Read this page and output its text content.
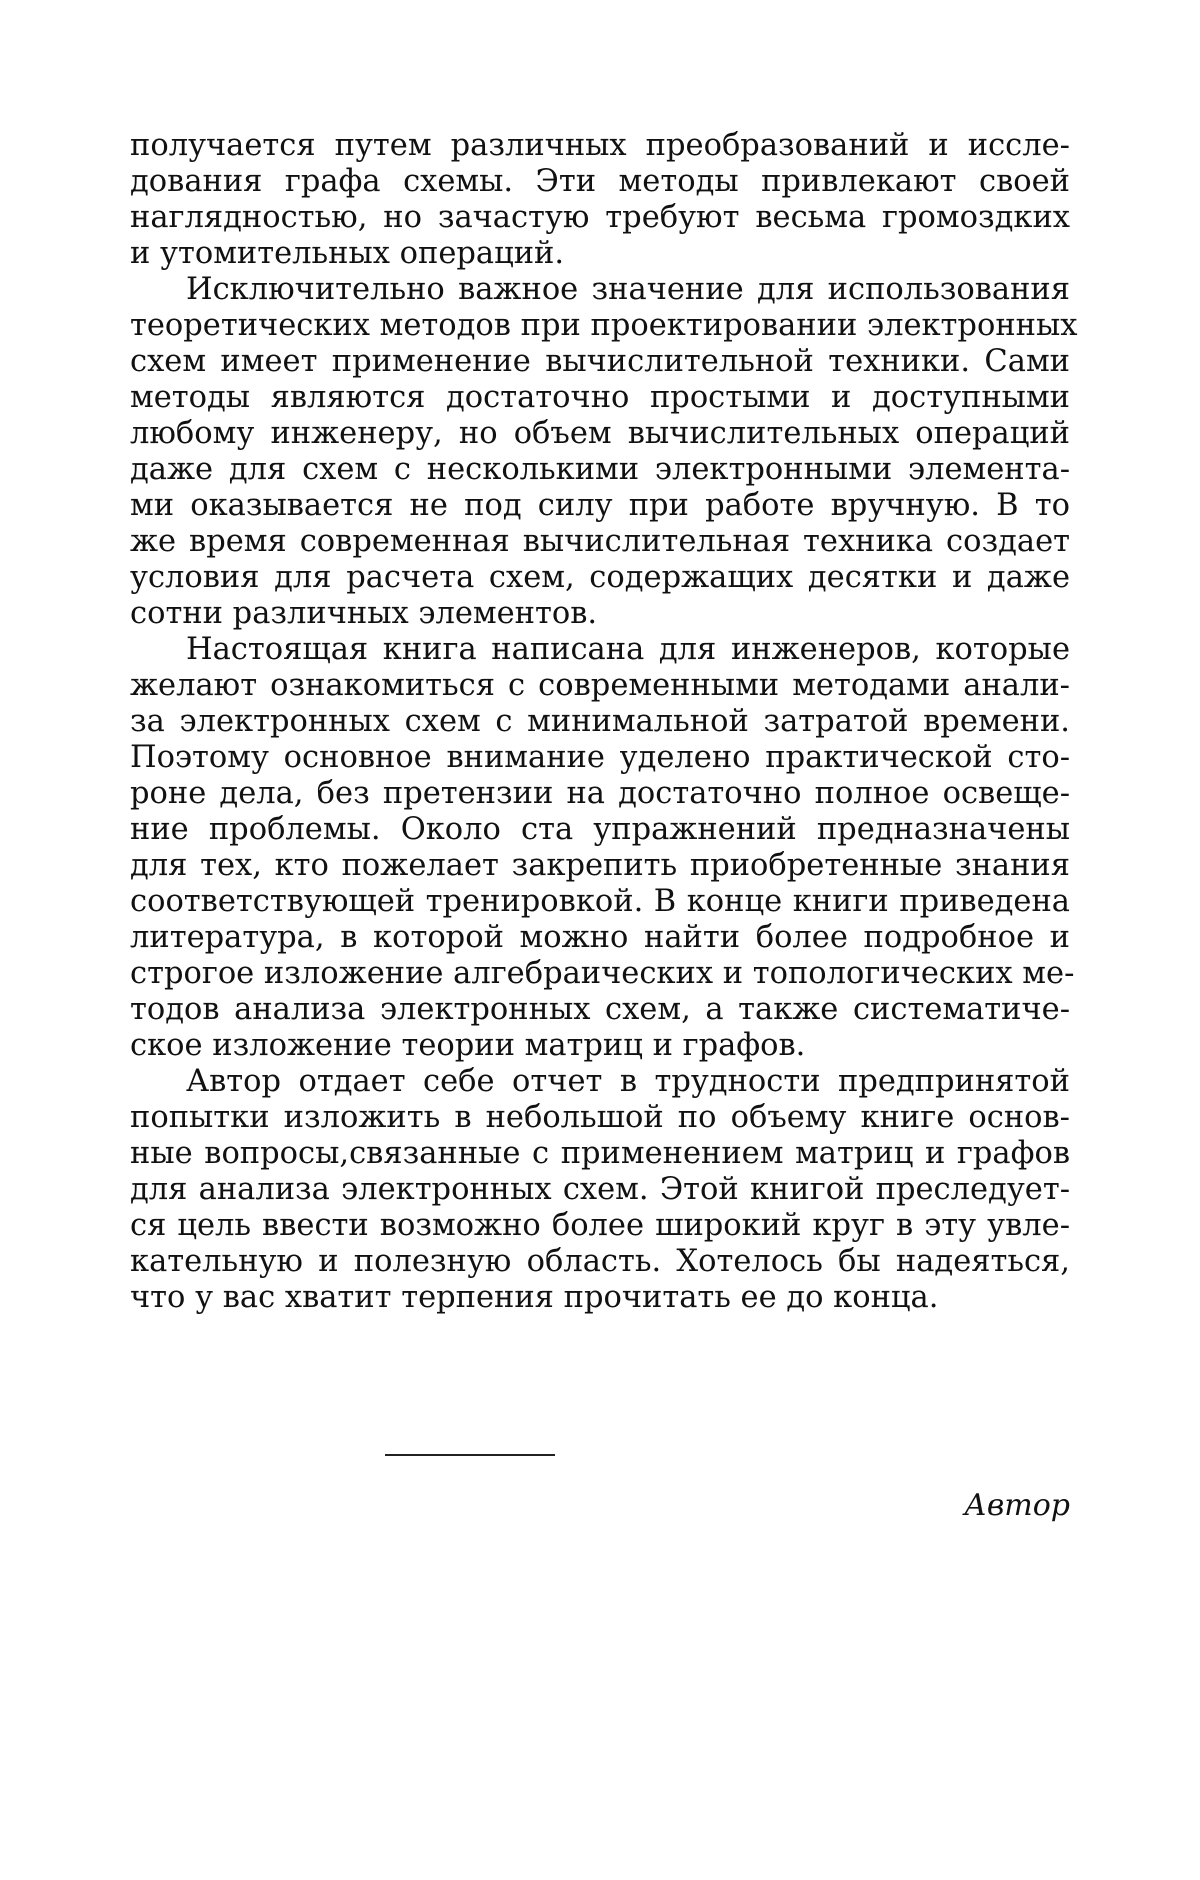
получается путем различных преобразований и иссле-
дования графа схемы. Эти методы привлекают своей
наглядностью, но зачастую требуют весьма громоздких
и утомительных операций.
Исключительно важное значение для использования
теоретических методов при проектировании электронных
схем имеет применение вычислительной техники. Сами
методы являются достаточно простыми и доступными
любому инженеру, но объем вычислительных операций
даже для схем с несколькими электронными элемента-
ми оказывается не под силу при работе вручную. В то
же время современная вычислительная техника создает
условия для расчета схем, содержащих десятки и даже
сотни различных элементов.
Настоящая книга написана для инженеров, которые
желают ознакомиться с современными методами анали-
за электронных схем с минимальной затратой времени.
Поэтому основное внимание уделено практической сто-
роне дела, без претензии на достаточно полное освеще-
ние проблемы. Около ста упражнений предназначены
для тех, кто пожелает закрепить приобретенные знания
соответствующей тренировкой. В конце книги приведена
литература, в которой можно найти более подробное и
строгое изложение алгебраических и топологических ме-
тодов анализа электронных схем, а также систематиче-
ское изложение теории матриц и графов.
Автор отдает себе отчет в трудности предпринятой
попытки изложить в небольшой по объему книге основ-
ные вопросы,связанные с применением матриц и графов
для анализа электронных схем. Этой книгой преследует-
ся цель ввести возможно более широкий круг в эту увле-
кательную и полезную область. Хотелось бы надеяться,
что у вас хватит терпения прочитать ее до конца.
Автор
